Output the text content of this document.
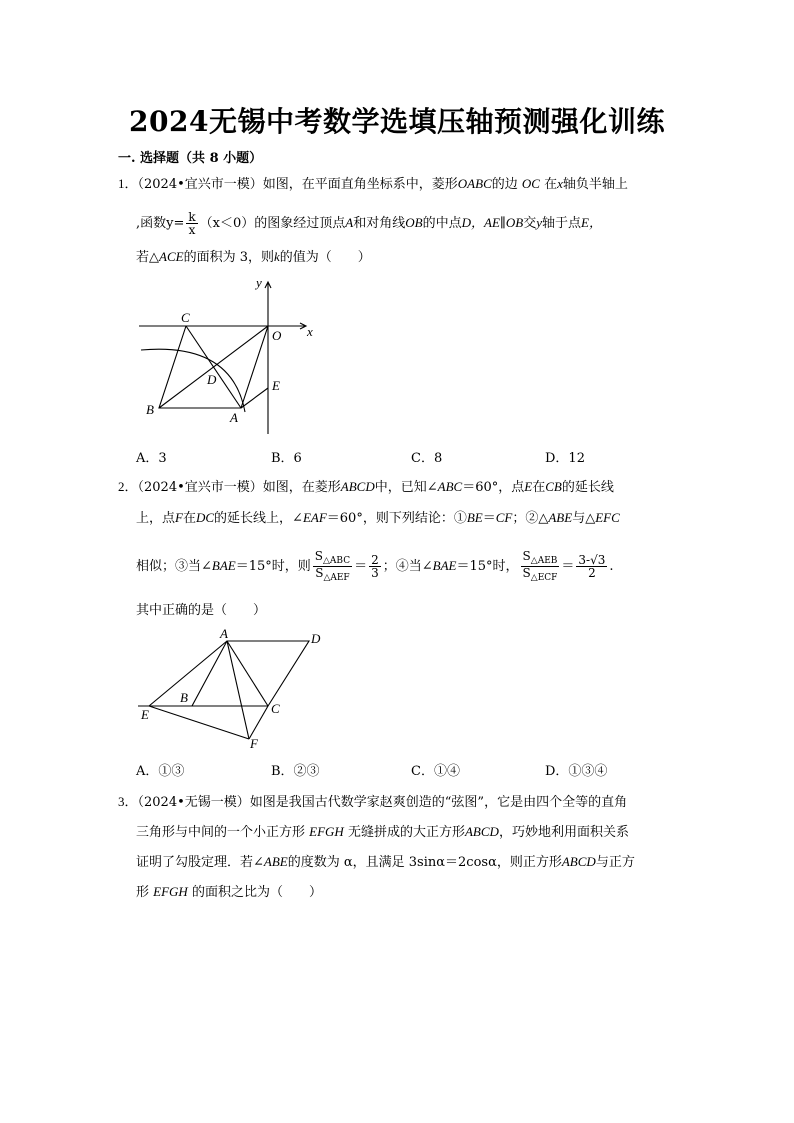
2024无锡中考数学选填压轴预测强化训练
一. 选择题（共 8 小题）
1．（2024•宜兴市一模）如图，在平面直角坐标系中，菱形OABC的边 OC 在x轴负半轴上
,函数$y= \frac{k}{x} (x<0)$的图象经过顶点A和对角线OB的中点D，AE∥OB交y轴于点E，
若△ACE的面积为 3，则k的值为（　　）
y
x
O
C
D	E
B
A
A．3	B．6	C．8	D．12
2．（2024•宜兴市一模）如图，在菱形ABCD中，已知∠ABC＝60°，点E在CB的延长线
上，点F在DC的延长线上，∠EAF＝60°，则下列结论：①BE＝CF；②△ABE与△EFC
相似；③当∠BAE＝15°时，则 $\frac{S_{\triangle ABC}}{S_{\triangle AEF}} = \frac{2}{3}$ ；④当∠BAE＝15°时， $\frac{S_{\triangle AEB}}{S_{\triangle ECF}} = \frac{3-√3}{2}$ .
其中正确的是（　　）
A	D
B
E	C
F
A．①③	B．②③	C．①④	D．①③④
3．（2024•无锡一模）如图是我国古代数学家赵爽创造的“弦图”，它是由四个全等的直角
三角形与中间的一个小正方形 EFGH 无缝拼成的大正方形ABCD，巧妙地利用面积关系
证明了勾股定理．若∠ABE的度数为 α，且满足 3sinα＝2cosα，则正方形ABCD与正方
形 EFGH 的面积之比为（　　）
